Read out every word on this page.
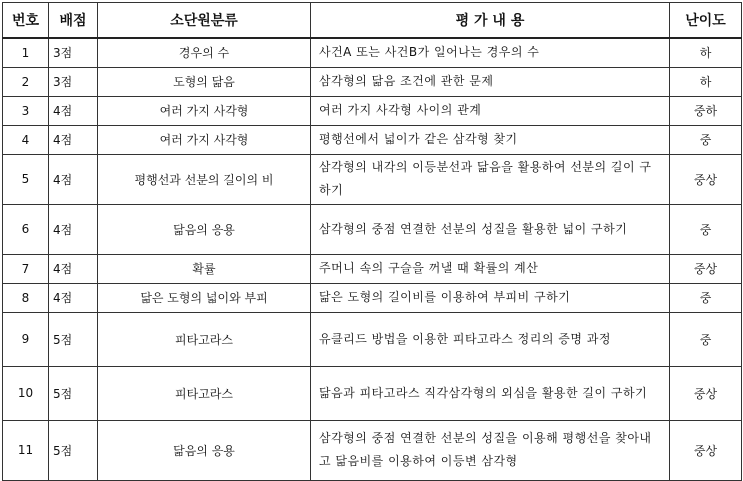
번호	배점	소단원분류	평 가 내 용	난이도
1	3점	경우의 수	사건A 또는 사건B가 일어나는 경우의 수	하
2	3점	도형의 닮음	삼각형의 닮음 조건에 관한 문제	하
3	4점	여러 가지 사각형	여러 가지 사각형 사이의 관계	중하
4	4점	여러 가지 사각형	평행선에서 넓이가 같은 삼각형 찾기	중
5	4점	평행선과 선분의 길이의 비	삼각형의 내각의 이등분선과 닮음을 활용하여 선분의 길이 구하기	중상
6	4점	닮음의 응용	삼각형의 중점 연결한 선분의 성질을 활용한 넓이 구하기	중
7	4점	확률	주머니 속의 구슬을 꺼낼 때 확률의 계산	중상
8	4점	닮은 도형의 넓이와 부피	닮은 도형의 길이비를 이용하여 부피비 구하기	중
9	5점	피타고라스	유클리드 방법을 이용한 피타고라스 정리의 증명 과정	중
10	5점	피타고라스	닮음과 피타고라스 직각삼각형의 외심을 활용한 길이 구하기	중상
11	5점	닮음의 응용	삼각형의 중점 연결한 선분의 성질을 이용해 평행선을 찾아내고 닮음비를 이용하여 이등변 삼각형	중상
